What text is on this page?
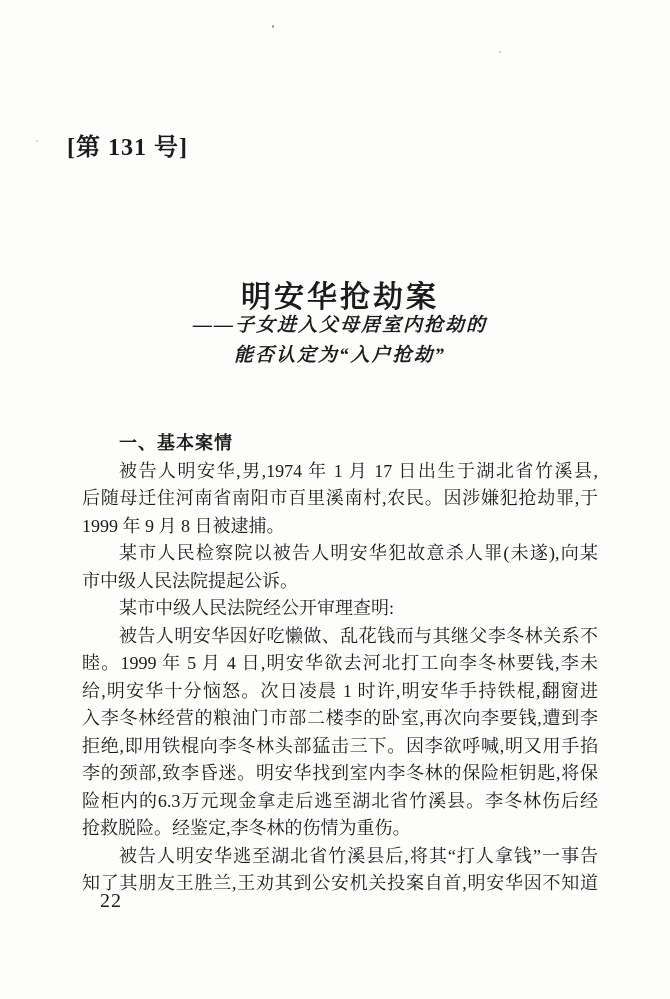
[第 131 号]
明安华抢劫案
——子女进入父母居室内抢劫的
能否认定为“入户抢劫”
一、基本案情
被告人明安华,男,1974 年 1 月 17 日出生于湖北省竹溪县,
后随母迁住河南省南阳市百里溪南村,农民。因涉嫌犯抢劫罪,于
1999 年 9 月 8 日被逮捕。
某市人民检察院以被告人明安华犯故意杀人罪(未遂),向某
市中级人民法院提起公诉。
某市中级人民法院经公开审理查明:
被告人明安华因好吃懒做、乱花钱而与其继父李冬林关系不
睦。1999 年 5 月 4 日,明安华欲去河北打工向李冬林要钱,李未
给,明安华十分恼怒。次日凌晨 1 时许,明安华手持铁棍,翻窗进
入李冬林经营的粮油门市部二楼李的卧室,再次向李要钱,遭到李
拒绝,即用铁棍向李冬林头部猛击三下。因李欲呼喊,明又用手掐
李的颈部,致李昏迷。明安华找到室内李冬林的保险柜钥匙,将保
险柜内的6.3万元现金拿走后逃至湖北省竹溪县。李冬林伤后经
抢救脱险。经鉴定,李冬林的伤情为重伤。
被告人明安华逃至湖北省竹溪县后,将其“打人拿钱”一事告
知了其朋友王胜兰,王劝其到公安机关投案自首,明安华因不知道
22
